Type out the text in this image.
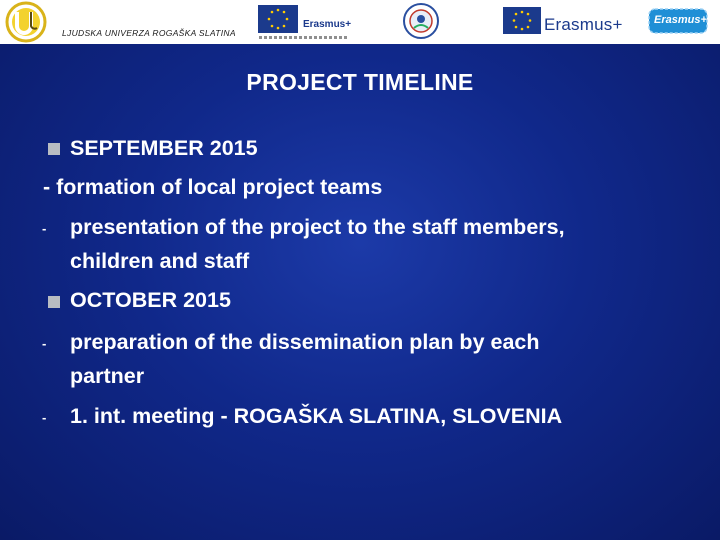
LJUDSKA UNIVERZA ROGAŠKA SLATINA
Erasmus+	Erasmus+	Erasmus+
PROJECT TIMELINE
SEPTEMBER 2015
- formation of local project teams
- presentation of the project to the staff members,
children and staff
OCTOBER 2015
- preparation of the dissemination plan by each
partner
- 1. int. meeting - ROGAŠKA SLATINA, SLOVENIA
